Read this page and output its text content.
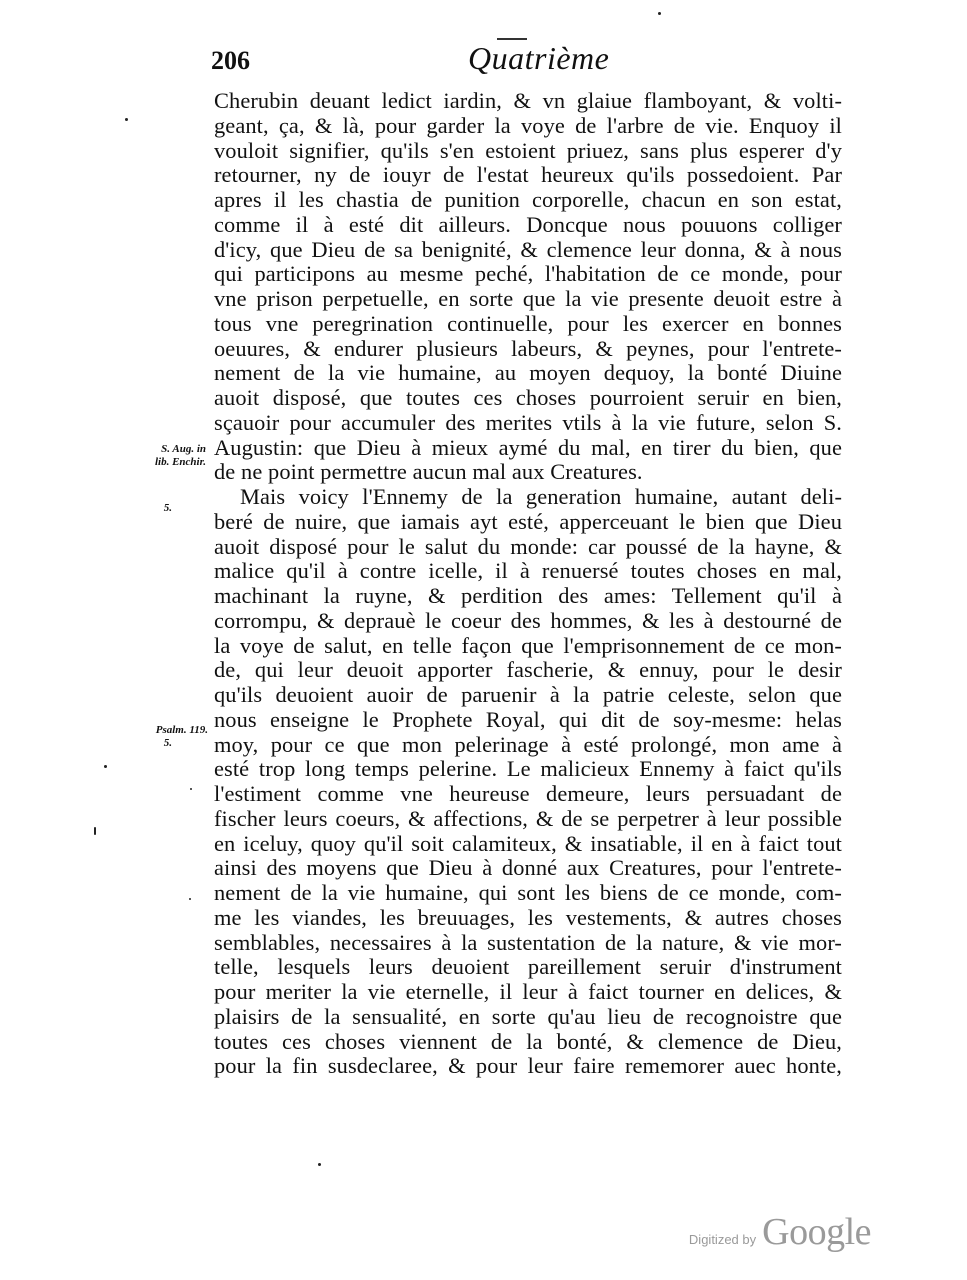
206	Quatrième
Cherubin deuant ledict iardin, & vn glaiue flamboyant, & volti-
geant, ça, & là, pour garder la voye de l'arbre de vie. Enquoy il
vouloit signifier, qu'ils s'en estoient priuez, sans plus esperer d'y
retourner, ny de iouyr de l'estat heureux qu'ils possedoient. Par
apres il les chastia de punition corporelle, chacun en son estat,
comme il à esté dit ailleurs. Doncque nous pouuons colliger
d'icy, que Dieu de sa benignité, & clemence leur donna, & à nous
qui participons au mesme peché, l'habitation de ce monde, pour
vne prison perpetuelle, en sorte que la vie presente deuoit estre à
tous vne peregrination continuelle, pour les exercer en bonnes
oeuures, & endurer plusieurs labeurs, & peynes, pour l'entrete-
nement de la vie humaine, au moyen dequoy, la bonté Diuine
auoit disposé, que toutes ces choses pourroient seruir en bien,
sçauoir pour accumuler des merites vtils à la vie future, selon S.
Augustin: que Dieu à mieux aymé du mal, en tirer du bien, que
de ne point permettre aucun mal aux Creatures.
Mais voicy l'Ennemy de la generation humaine, autant deli-
beré de nuire, que iamais ayt esté, apperceuant le bien que Dieu
auoit disposé pour le salut du monde: car poussé de la hayne, &
malice qu'il à contre icelle, il à renuersé toutes choses en mal,
machinant la ruyne, & perdition des ames: Tellement qu'il à
corrompu, & deprauè le coeur des hommes, & les à destourné de
la voye de salut, en telle façon que l'emprisonnement de ce mon-
de, qui leur deuoit apporter fascherie, & ennuy, pour le desir
qu'ils deuoient auoir de paruenir à la patrie celeste, selon que
nous enseigne le Prophete Royal, qui dit de soy-mesme: helas
moy, pour ce que mon pelerinage à esté prolongé, mon ame à
esté trop long temps pelerine. Le malicieux Ennemy à faict qu'ils
l'estiment comme vne heureuse demeure, leurs persuadant de
fischer leurs coeurs, & affections, & de se perpetrer à leur possible
en iceluy, quoy qu'il soit calamiteux, & insatiable, il en à faict tout
ainsi des moyens que Dieu à donné aux Creatures, pour l'entrete-
nement de la vie humaine, qui sont les biens de ce monde, com-
me les viandes, les breuuages, les vestements, & autres choses
semblables, necessaires à la sustentation de la nature, & vie mor-
telle, lesquels leurs deuoient pareillement seruir d'instrument
pour meriter la vie eternelle, il leur à faict tourner en delices, &
plaisirs de la sensualité, en sorte qu'au lieu de recognoistre que
toutes ces choses viennent de la bonté, & clemence de Dieu,
pour la fin susdeclaree, & pour leur faire rememorer auec honte,
S. Aug. in
lib. Enchir.
5.
Psalm. 119.
5.
Digitized by Google
